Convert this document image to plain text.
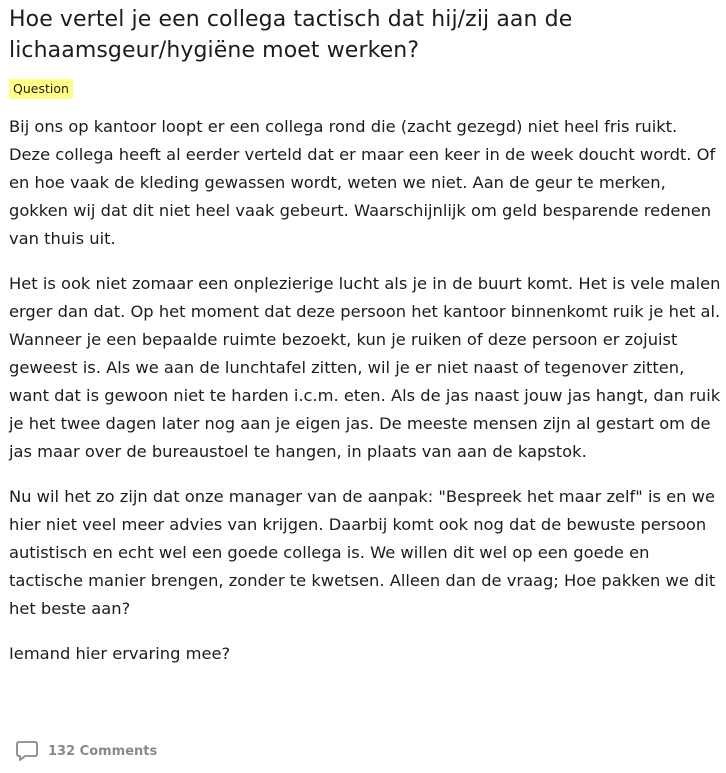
Hoe vertel je een collega tactisch dat hij/zij aan de lichaamsgeur/hygiëne moet werken?
Question

Bij ons op kantoor loopt er een collega rond die (zacht gezegd) niet heel fris ruikt. Deze collega heeft al eerder verteld dat er maar een keer in de week doucht wordt. Of en hoe vaak de kleding gewassen wordt, weten we niet. Aan de geur te merken, gokken wij dat dit niet heel vaak gebeurt. Waarschijnlijk om geld besparende redenen van thuis uit.

Het is ook niet zomaar een onplezierige lucht als je in de buurt komt. Het is vele malen erger dan dat. Op het moment dat deze persoon het kantoor binnenkomt ruik je het al. Wanneer je een bepaalde ruimte bezoekt, kun je ruiken of deze persoon er zojuist geweest is. Als we aan de lunchtafel zitten, wil je er niet naast of tegenover zitten, want dat is gewoon niet te harden i.c.m. eten. Als de jas naast jouw jas hangt, dan ruik je het twee dagen later nog aan je eigen jas. De meeste mensen zijn al gestart om de jas maar over de bureaustoel te hangen, in plaats van aan de kapstok.

Nu wil het zo zijn dat onze manager van de aanpak: "Bespreek het maar zelf" is en we hier niet veel meer advies van krijgen. Daarbij komt ook nog dat de bewuste persoon autistisch en echt wel een goede collega is. We willen dit wel op een goede en tactische manier brengen, zonder te kwetsen. Alleen dan de vraag; Hoe pakken we dit het beste aan?

Iemand hier ervaring mee?

132 Comments
